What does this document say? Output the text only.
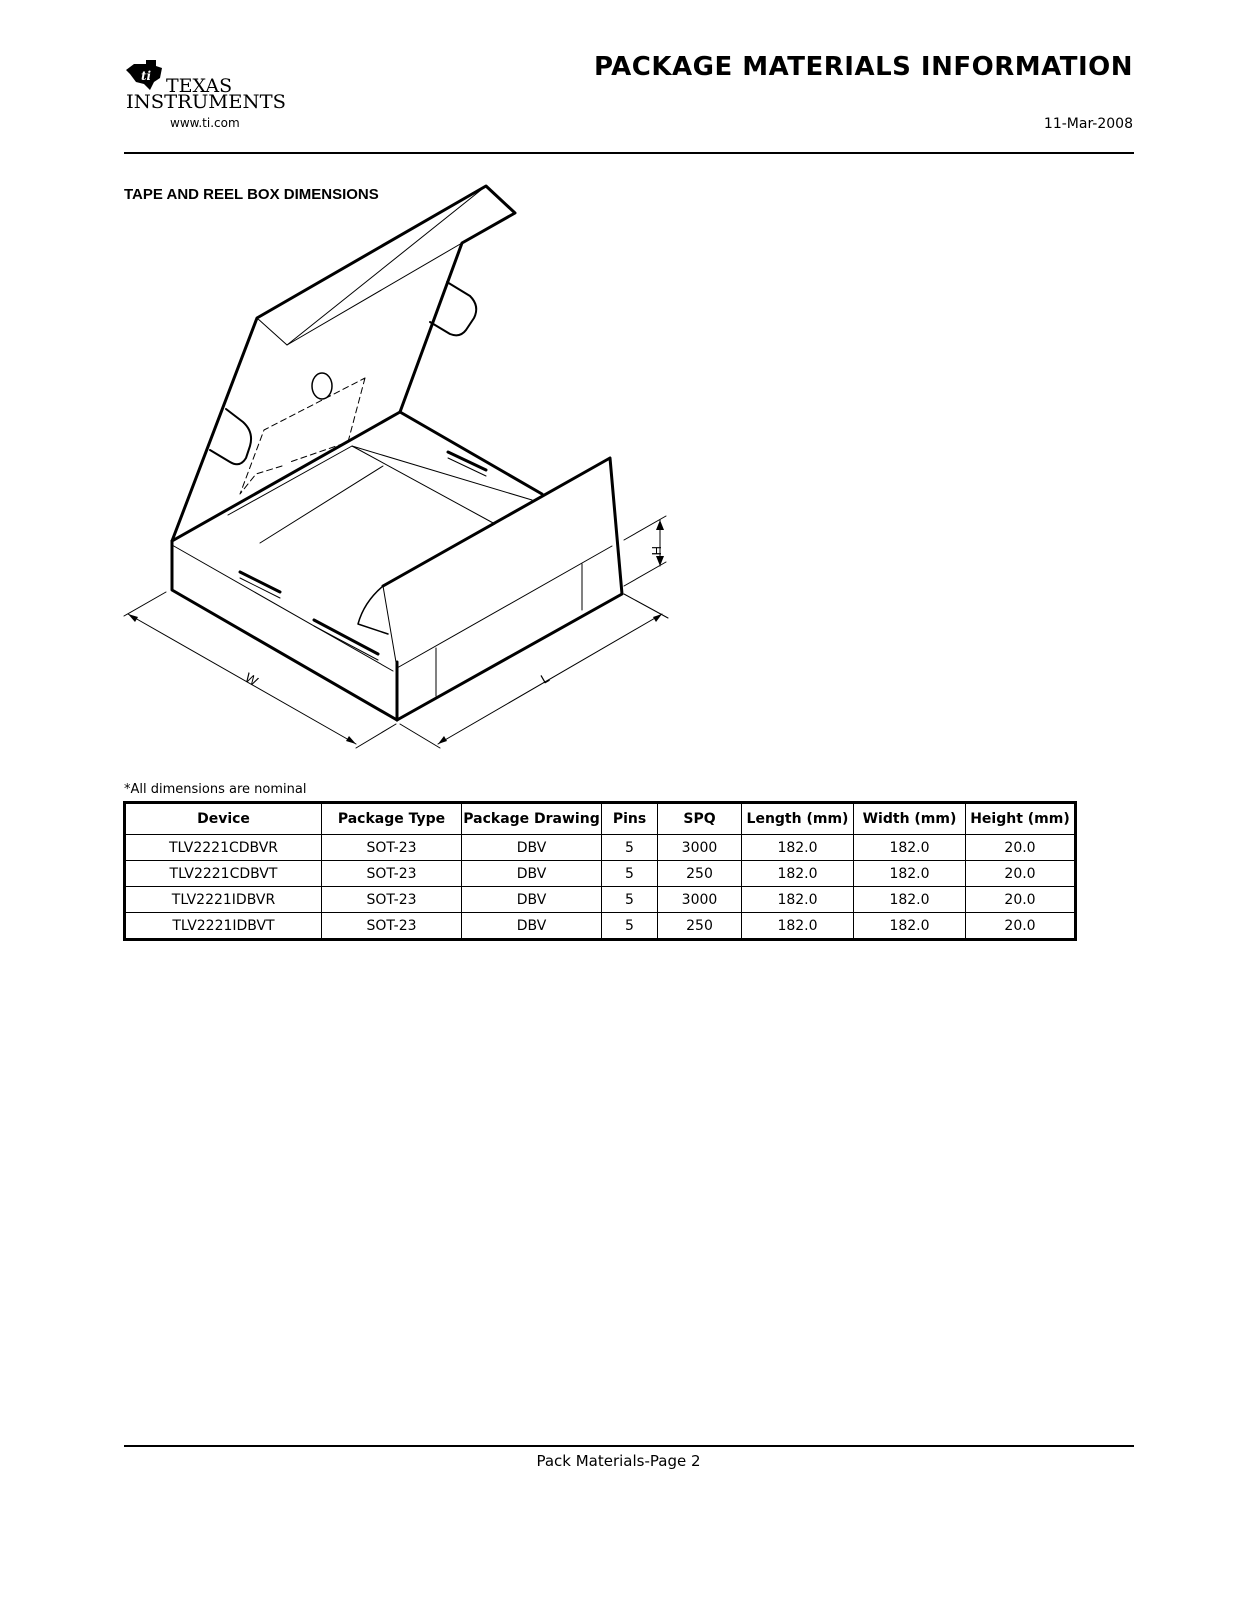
ti TEXAS
INSTRUMENTS
www.ti.com
PACKAGE MATERIALS INFORMATION
11-Mar-2008
TAPE AND REEL BOX DIMENSIONS
W	L
H
*All dimensions are nominal
Device	Package Type	Package Drawing	Pins	SPQ	Length (mm)	Width (mm)	Height (mm)
TLV2221CDBVR	SOT-23	DBV	5	3000	182.0	182.0	20.0
TLV2221CDBVT	SOT-23	DBV	5	250	182.0	182.0	20.0
TLV2221IDBVR	SOT-23	DBV	5	3000	182.0	182.0	20.0
TLV2221IDBVT	SOT-23	DBV	5	250	182.0	182.0	20.0
Pack Materials-Page 2
